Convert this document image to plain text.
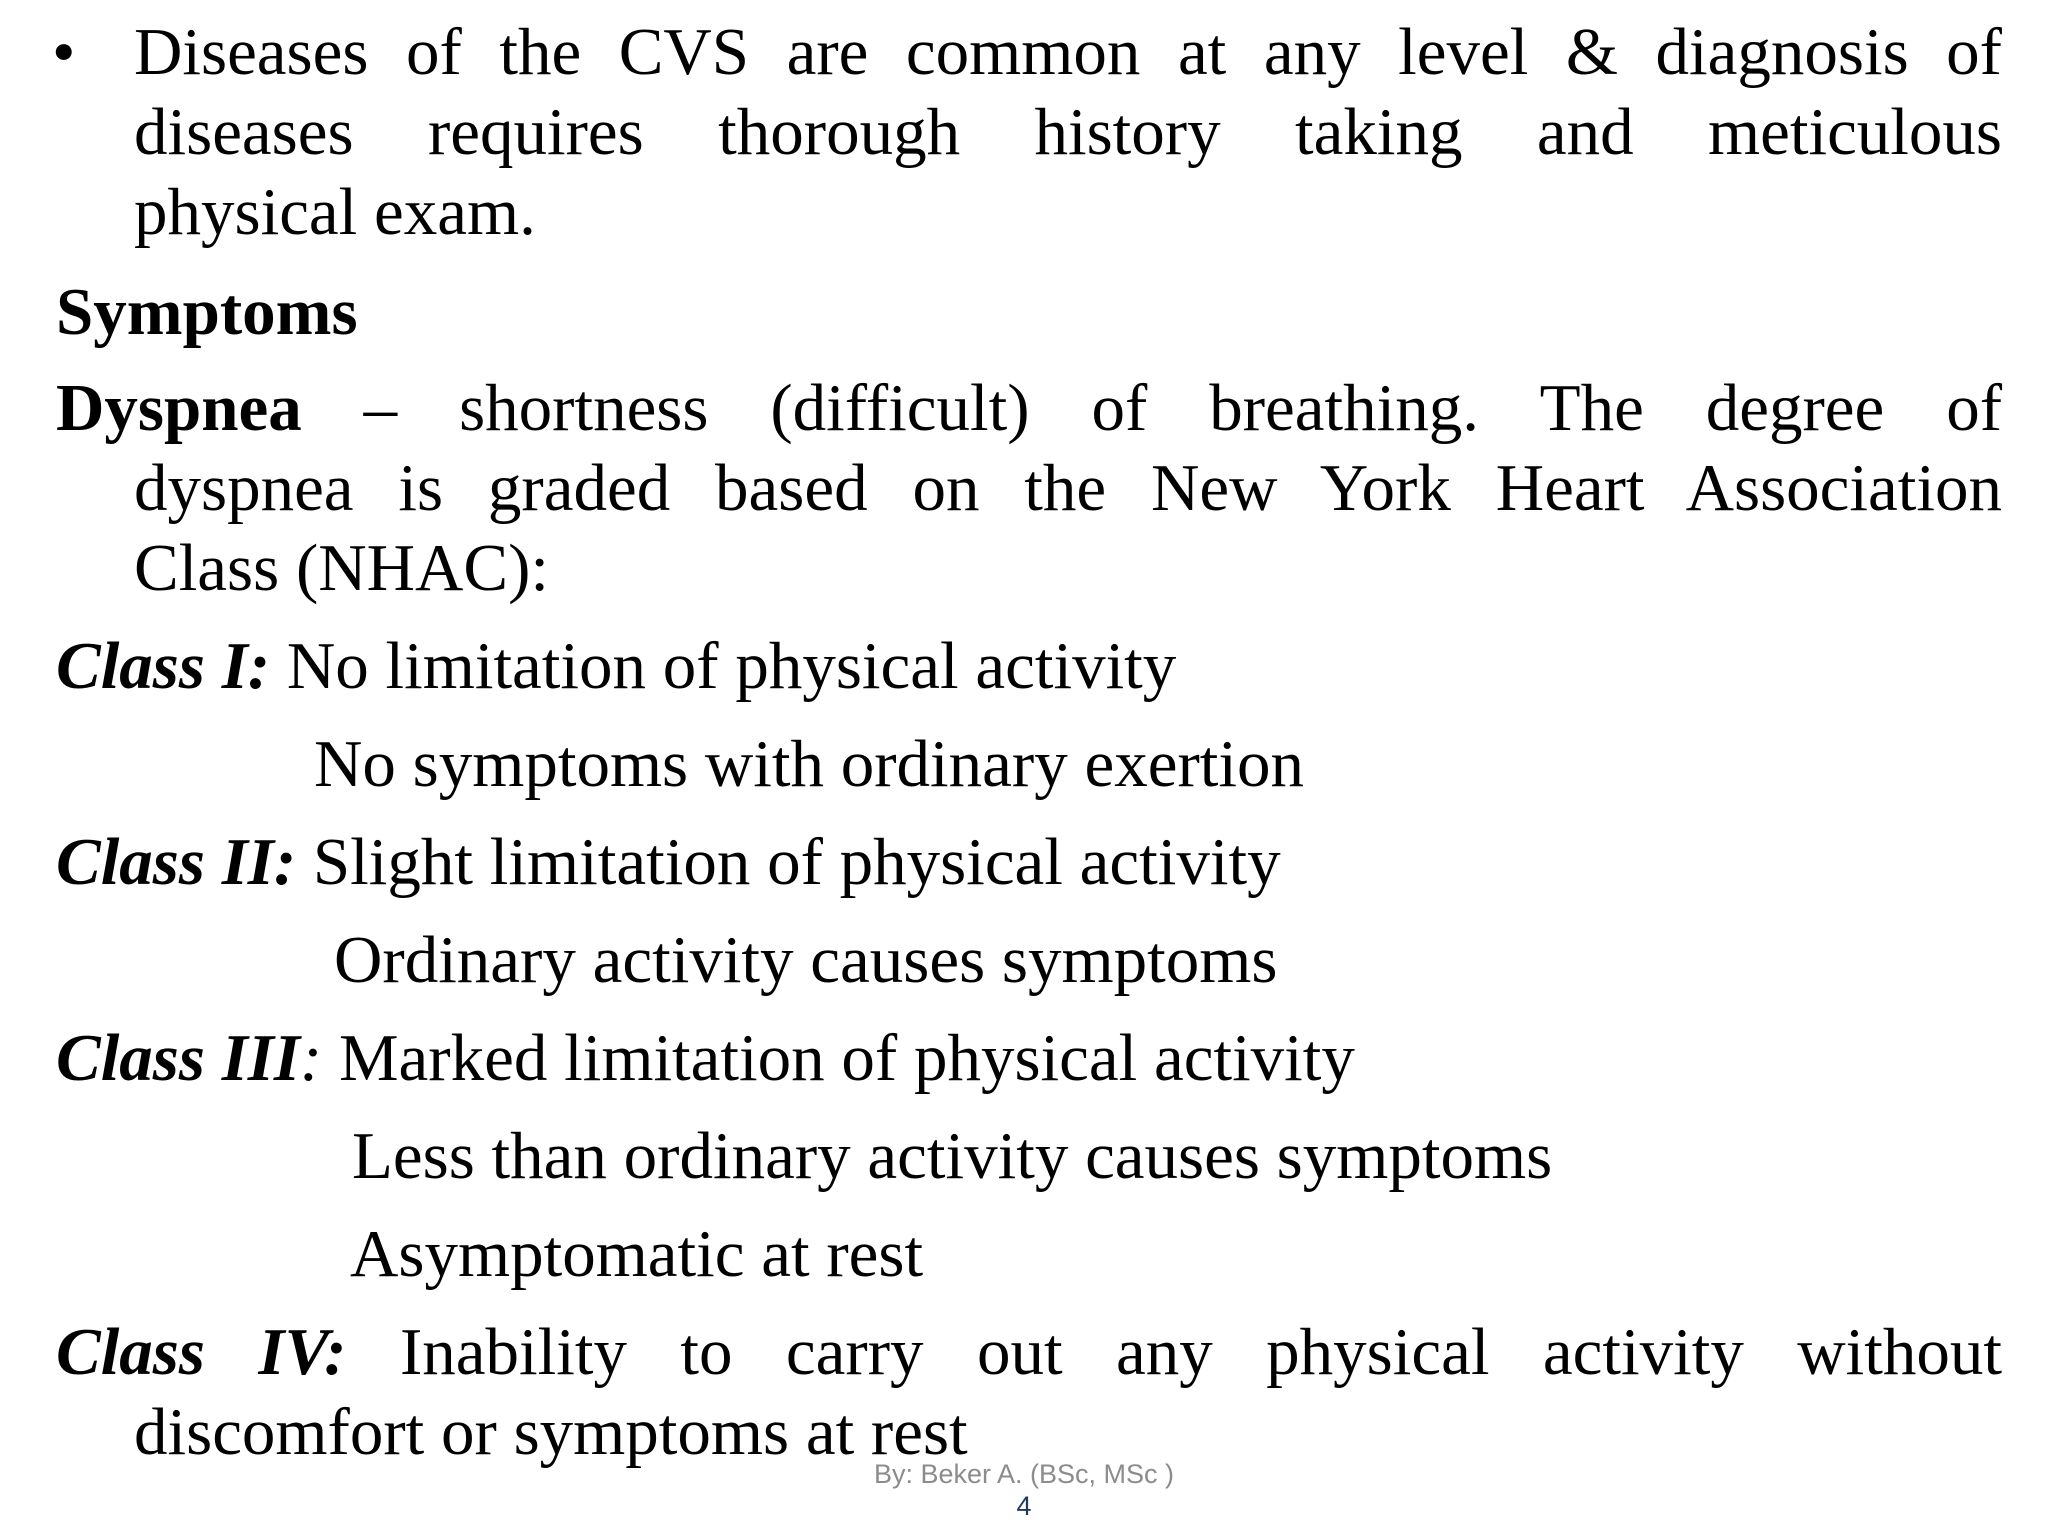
• Diseases of the CVS are common at any level & diagnosis of
diseases requires thorough history taking and meticulous
physical exam.
Symptoms
Dyspnea – shortness (difficult) of breathing. The degree of
dyspnea is graded based on the New York Heart Association
Class (NHAC):
Class I: No limitation of physical activity
No symptoms with ordinary exertion
Class II: Slight limitation of physical activity
Ordinary activity causes symptoms
Class III: Marked limitation of physical activity
Less than ordinary activity causes symptoms
Asymptomatic at rest
Class IV: Inability to carry out any physical activity without
discomfort or symptoms at rest
By: Beker A. (BSc, MSc )
4
